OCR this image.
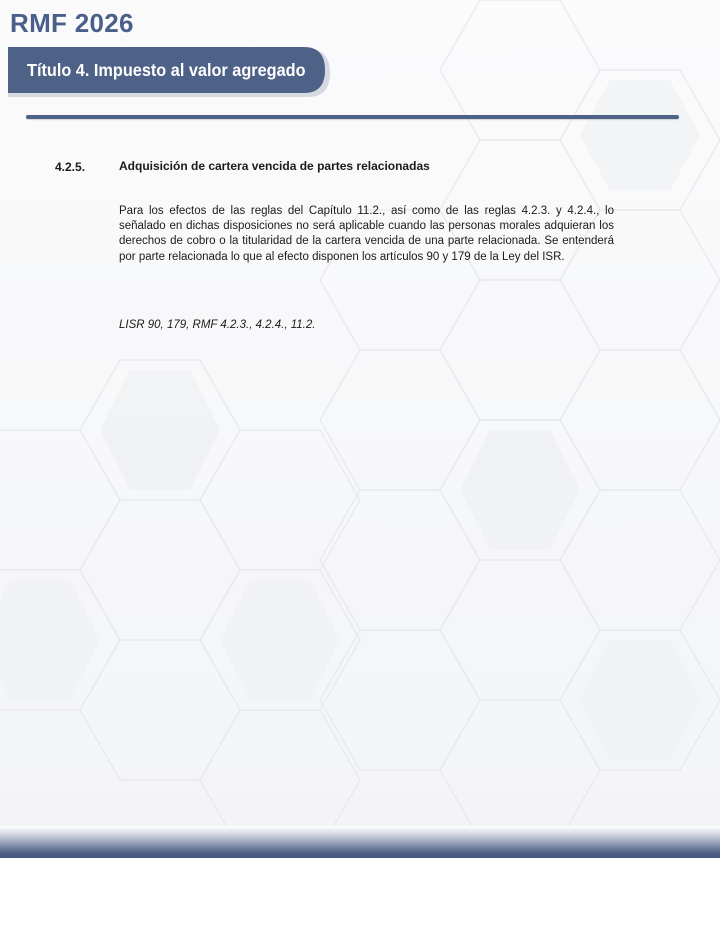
RMF 2026
Título 4. Impuesto al valor agregado
4.2.5.	Adquisición de cartera vencida de partes relacionadas

Para los efectos de las reglas del Capítulo 11.2., así como de las reglas 4.2.3. y 4.2.4., lo señalado en dichas disposiciones no será aplicable cuando las personas morales adquieran los derechos de cobro o la titularidad de la cartera vencida de una parte relacionada. Se entenderá por parte relacionada lo que al efecto disponen los artículos 90 y 179 de la Ley del ISR.

LISR 90, 179, RMF 4.2.3., 4.2.4., 11.2.
